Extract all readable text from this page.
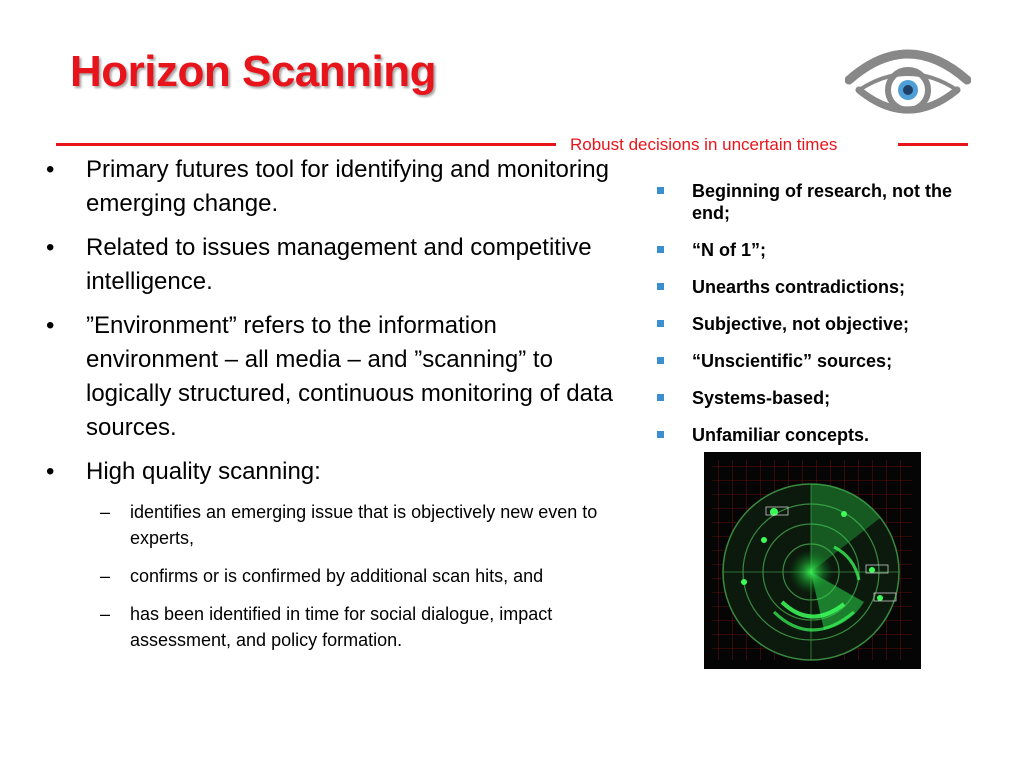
Horizon Scanning
Robust decisions in uncertain times
• Primary futures tool for identifying and monitoring emerging change.
• Related to issues management and competitive intelligence.
• ”Environment” refers to the information environment – all media – and ”scanning” to logically structured, continuous monitoring of data sources.
• High quality scanning:
– identifies an emerging issue that is objectively new even to experts,
– confirms or is confirmed by additional scan hits, and
– has been identified in time for social dialogue, impact assessment, and policy formation.
Beginning of research, not the end;
“N of 1”;
Unearths contradictions;
Subjective, not objective;
“Unscientific” sources;
Systems-based;
Unfamiliar concepts.
